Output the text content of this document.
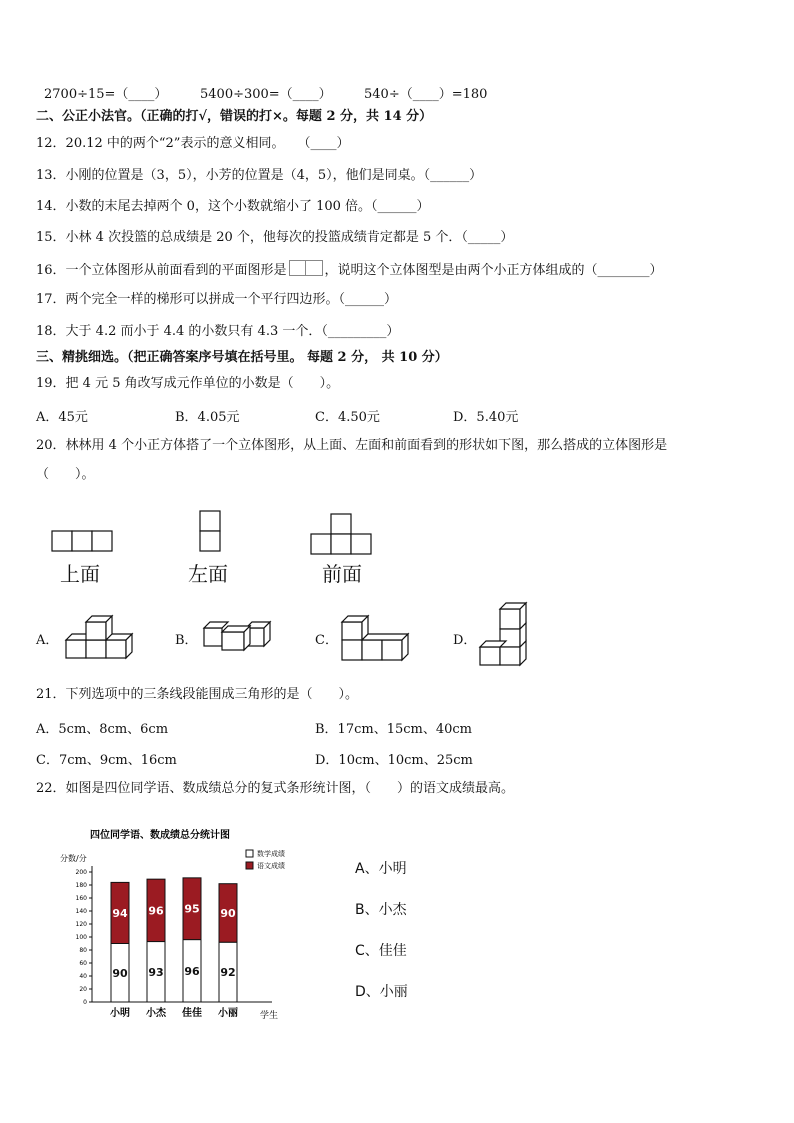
2700÷15=（____）	5400÷300=（____） 540÷（____）=180
二、公正小法官。（正确的打√，错误的打×。每题 2 分，共 14 分）
12．20.12 中的两个“2”表示的意义相同。　　（____）
13．小刚的位置是（3，5），小芳的位置是（4，5），他们是同桌。（______）
14．小数的末尾去掉两个 0，这个小数就缩小了 100 倍。（______）
15．小林 4 次投篮的总成绩是 20 个，他每次的投篮成绩肯定都是 5 个．（_____）
16．一个立体图形从前面看到的平面图形是	，说明这个立体图型是由两个小正方体组成的（________）
17．两个完全一样的梯形可以拼成一个平行四边形。（______）
18．大于 4.2 而小于 4.4 的小数只有 4.3 一个．（_________）
三、精挑细选。（把正确答案序号填在括号里。 每题 2 分， 共 10 分）
19．把 4 元 5 角改写成元作单位的小数是（　　）。
A．45元	B．4.05元	C．4.50元	D．5.40元
20．林林用 4 个小正方体搭了一个立体图形，从上面、左面和前面看到的形状如下图，那么搭成的立体图形是
（　　）。
上面	左面	前面
A．	B．	C．	D．
21．下列选项中的三条线段能围成三角形的是（　　）。
A．5cm、8cm、6cm	B．17cm、15cm、40cm
C．7cm、9cm、16cm	D．10cm、10cm、25cm
22．如图是四位同学语、数成绩总分的复式条形统计图，（　　）的语文成绩最高。
四位同学语、数成绩总分统计图
分数/分
学生
0
20
40
60
80
100
120
140
160
180
200
90
94
93
96
96
95
92
90
数学成绩
语文成绩
小明 小杰 佳佳 小丽
A、小明
B、小杰
C、佳佳
D、小丽
